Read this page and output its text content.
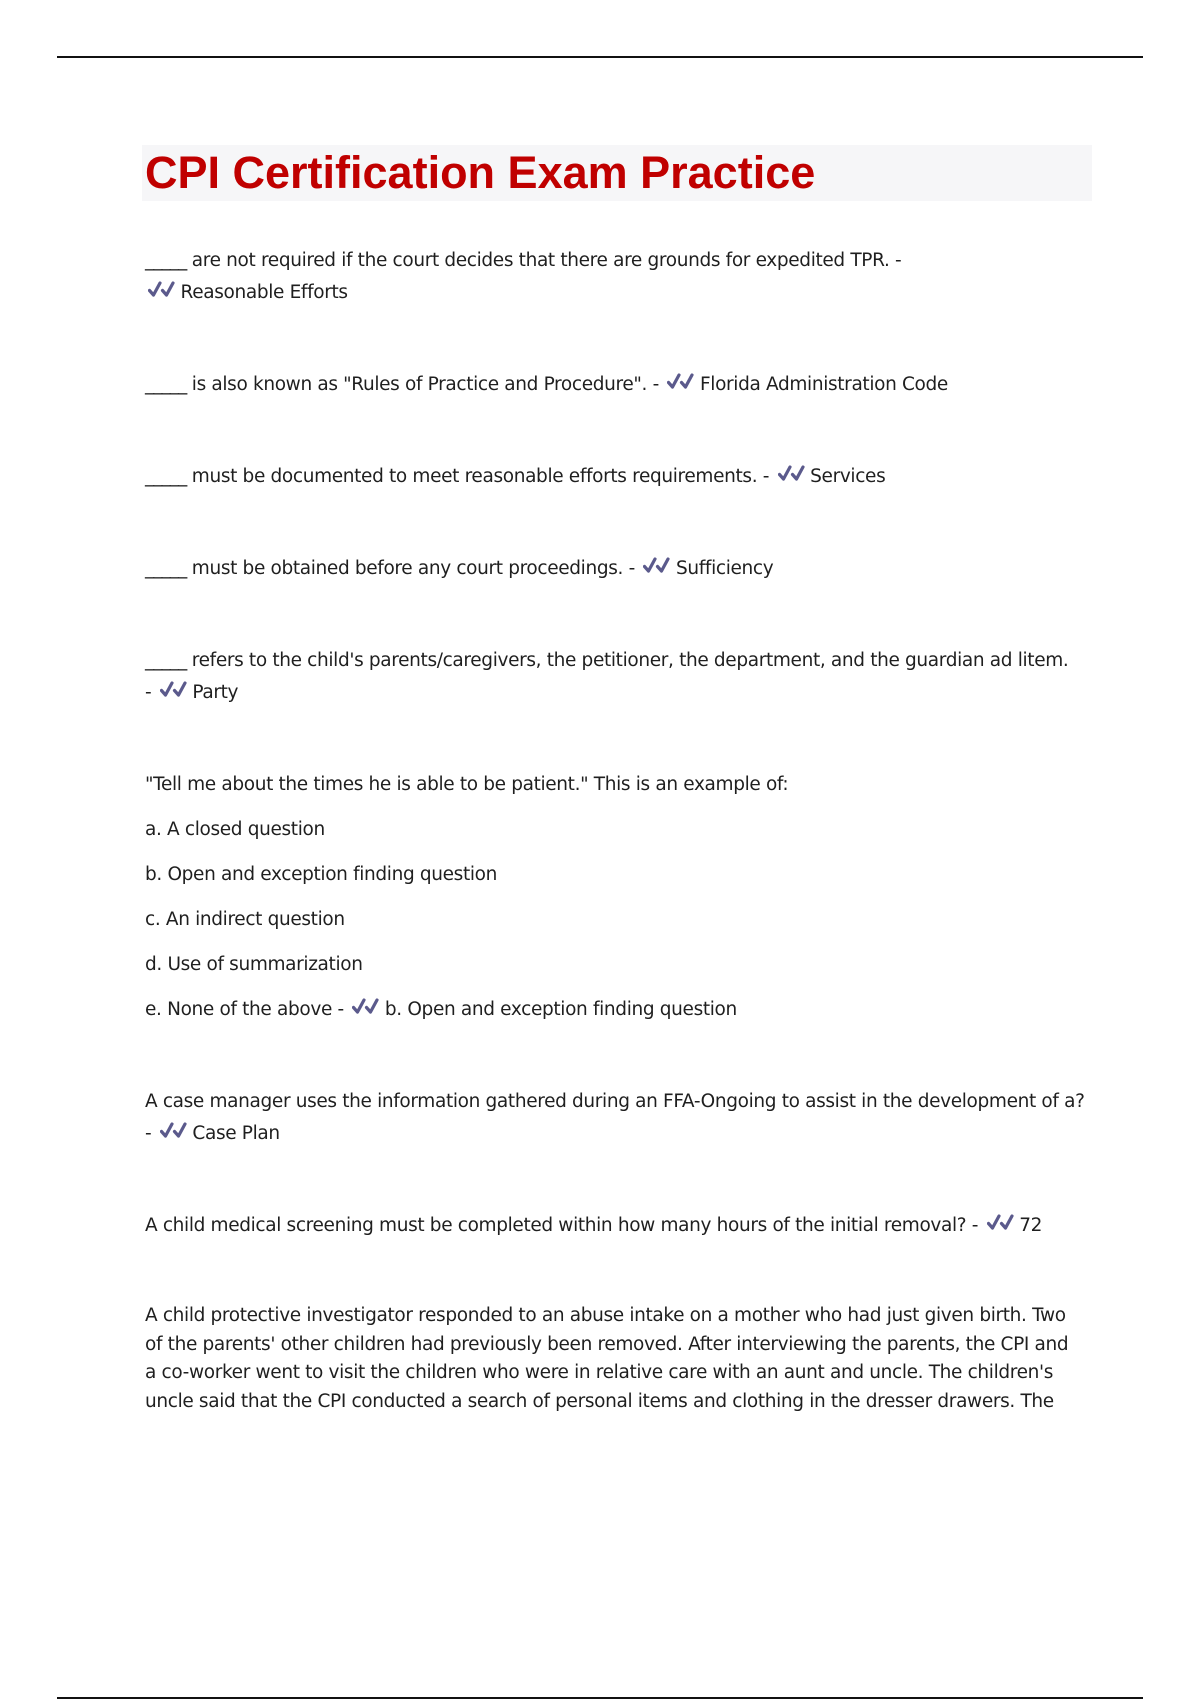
CPI Certification Exam Practice
_____ are not required if the court decides that there are grounds for expedited TPR. -

Reasonable Efforts
_____ is also known as "Rules of Practice and Procedure". - Florida Administration Code
_____ must be documented to meet reasonable efforts requirements. - Services
_____ must be obtained before any court proceedings. - Sufficiency
_____ refers to the child's parents/caregivers, the petitioner, the department, and the guardian ad litem.
- Party

"Tell me about the times he is able to be patient." This is an example of:

a. A closed question

b. Open and exception finding question

c. An indirect question

d. Use of summarization

e. None of the above - b. Open and exception finding question

A case manager uses the information gathered during an FFA-Ongoing to assist in the development of a?
- Case Plan
A child medical screening must be completed within how many hours of the initial removal? - 72

A child protective investigator responded to an abuse intake on a mother who had just given birth. Two

of the parents' other children had previously been removed. After interviewing the parents, the CPI and

a co-worker went to visit the children who were in relative care with an aunt and uncle. The children's

uncle said that the CPI conducted a search of personal items and clothing in the dresser drawers. The
